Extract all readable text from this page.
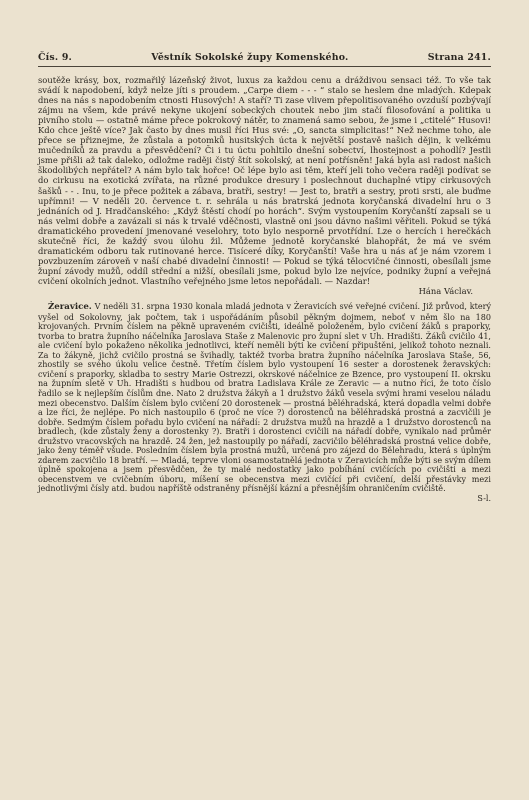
Čís. 9.	Věstník Sokolské župy Komenského.	Strana 241.

soutěže krásy, box, rozmařilý lázeňský život, luxus za každou cenu a dráždivou sensaci též. To vše tak svádí k napodobení, když nelze jíti s proudem. „Carpe diem - - - “ stalo se heslem dne mladých. Kdepak dnes na nás s napodobením ctnosti Husových! A staří? Ti zase vlivem přepolitisovaného ovzduší pozbývají zájmu na všem, kde právě nekyne ukojení sobeckých choutek nebo jim stačí filosofování a politika u pivního stolu — ostatně máme přece pokrokový nátěr, to znamená samo sebou, že jsme i „ctitelé“ Husovi! Kdo chce ještě více? Jak často by dnes musil říci Hus své: „O, sancta simplicitas!“ Než nechme toho, ale přece se přiznejme, že zůstala a potomků husitských úcta k největší postavě našich dějin, k velkému mučedníků za pravdu a přesvědčení? Či i tu úctu pohltilo dnešní sobectví, lhostejnost a pohodlí? Jestli jsme přišli až tak daleko, odložme raději čistý štít sokolský, at není potřísněn! Jaká byla asi radost našich škodolibých nepřátel? A nám bylo tak hořce! Oč lépe bylo asi těm, kteří jeli toho večera raději podívat se do cirkusu na exotická zvířata, na různé produkce dresury i poslechnout duchaplné vtipy cirkusových šašků - - . Inu, to je přece požitek a zábava, bratři, sestry! — Jest to, bratři a sestry, proti srsti, ale buďme upřímni! — V neděli 20. července t. r. sehrála u nás bratrská jednota koryčanská divadelní hru o 3 jednáních od J. Hradčanského: „Když štěstí chodí po horách“. Svým vystoupením Koryčanští zapsali se u nás velmi dobře a zavázali si nás k trvalé vděčnosti, vlastně oni jsou dávno našimi věřiteli. Pokud se týká dramatického provedení jmenované veselohry, toto bylo nesporně prvotřídní. Lze o hercích i herečkách skutečně říci, že každý svou úlohu žil. Můžeme jednotě koryčanské blahopřát, že má ve svém dramatickém odboru tak rutinované herce. Tisíceré díky, Koryčanští! Vaše hra u nás ať je nám vzorem i povzbuzením zároveň v naší chabé divadelní činnosti! — Pokud se týká tělocvičné činnosti, obesílali jsme župní závody mužů, oddíl střední a nižší, obesílali jsme, pokud bylo lze nejvíce, podniky župní a veřejná cvičení okolních jednot. Vlastního veřejného jsme letos nepořádali. — Nazdar!

Hána Václav.

Żeravice. V neděli 31. srpna 1930 konala mladá jednota v Żeravicích své veřejné cvičení. Již průvod, který vyšel od Sokolovny, jak počtem, tak i uspořádáním působil pěkným dojmem, neboť v něm šlo na 180 krojovaných. Prvním číslem na pěkně upraveném cvičišti, ideálně položeném, bylo cvičení žáků s praporky, tvorba to bratra župního náčelníka Jaroslava Staše z Malenovic pro župní slet v Uh. Hradišti. Žáků cvičilo 41, ale cvičení bylo pokaženo několika jednotlivci, kteří neměli býti ke cvičení připuštěni, jelikož tohoto neznali. Za to žákyně, jichž cvičilo prostná se švihadly, taktéž tvorba bratra župního náčelníka Jaroslava Staše, 56, zhostily se svého úkolu velice čestně. Třetím číslem bylo vystoupení 16 sester a dorostenek žeravských: cvičení s praporky, skladba to sestry Marie Ostrezzi, okrskové náčelnice ze Bzence, pro vystoupení II. okrsku na župním sletě v Uh. Hradišti s hudbou od bratra Ladislava Krále ze Żeravic — a nutno říci, že toto číslo řadilo se k nejlepším číslům dne. Nato 2 družstva žákyň a 1 družstvo žáků vesela svými hrami veselou náladu mezi obecenstvo. Dalším číslem bylo cvičení 20 dorostenek — prostná běléhradská, která dopadla velmi dobře a lze říci, že nejlépe. Po nich nastoupilo 6 (proč ne více ?) dorostenců na běléhradská prostná a zacvičili je dobře. Sedmým číslem pořadu bylo cvičení na nářadí: 2 družstva mužů na hrazdě a 1 družstvo dorostenců na bradlech, (kde zůstaly ženy a dorostenky ?). Bratři i dorostenci cvičili na nářadí dobře, vynikalo nad průměr družstvo vracovských na hrazdě. 24 žen, jež nastoupily po nářadí, zacvičilo běléhradská prostná velice dobře, jako ženy téměř všude. Posledním číslem byla prostná mužů, určená pro zájezd do Bělehradu, která s úplným zdarem zacvičilo 18 bratří. — Mladá, teprve vloni osamostatnělá jednota v Żeravicích může býti se svým dílem úplně spokojena a jsem přesvědčen, že ty malé nedostatky jako pobíhání cvičících po cvičišti a mezi obecenstvem ve cvičebním úboru, míšení se obecenstva mezi cvičící při cvičení, delší přestávky mezi jednotlivými čísly atd. budou napříště odstraněny přísnější kázní a přesnějším ohraničením cvičiště.

S-l.
